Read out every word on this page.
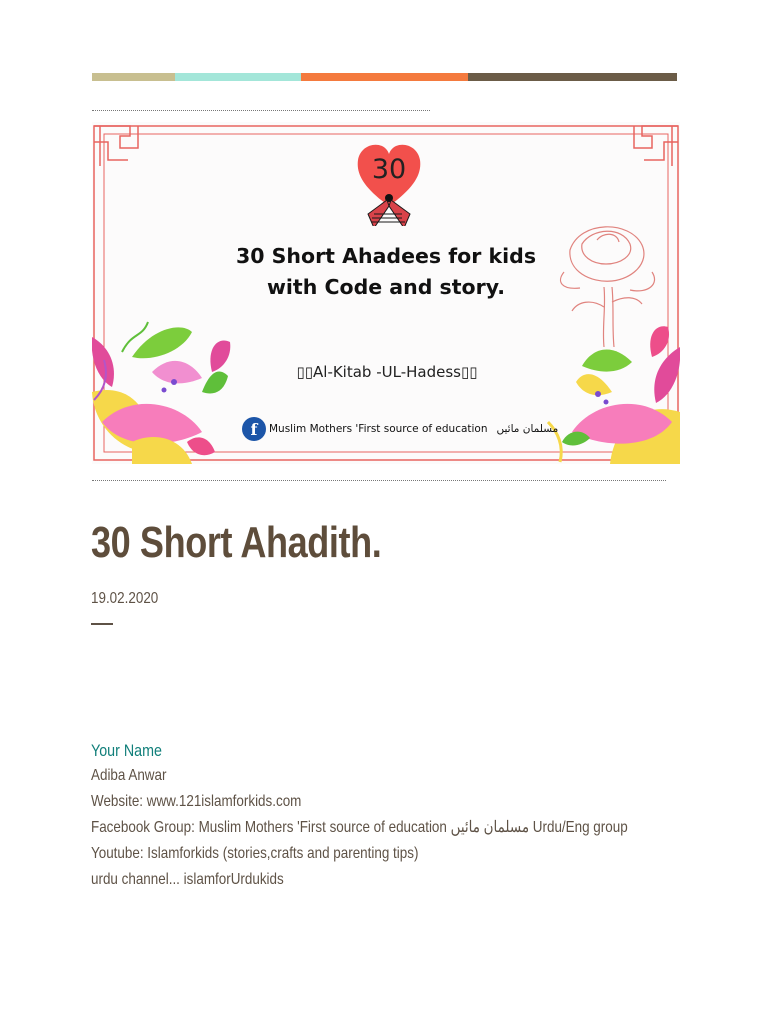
30
30 Short Ahadees for kids
with Code and story.
▯▯Al-Kitab -UL-Hadess▯▯
f	Muslim Mothers 'First source of education مسلمان مائیں
30 Short Ahadith.
19.02.2020
Your Name
Adiba Anwar
Website: www.121islamforkids.com
Facebook Group: Muslim Mothers 'First source of education مسلمان مائیں Urdu/Eng group
Youtube: Islamforkids (stories,crafts and parenting tips)
urdu channel... islamforUrdukids
